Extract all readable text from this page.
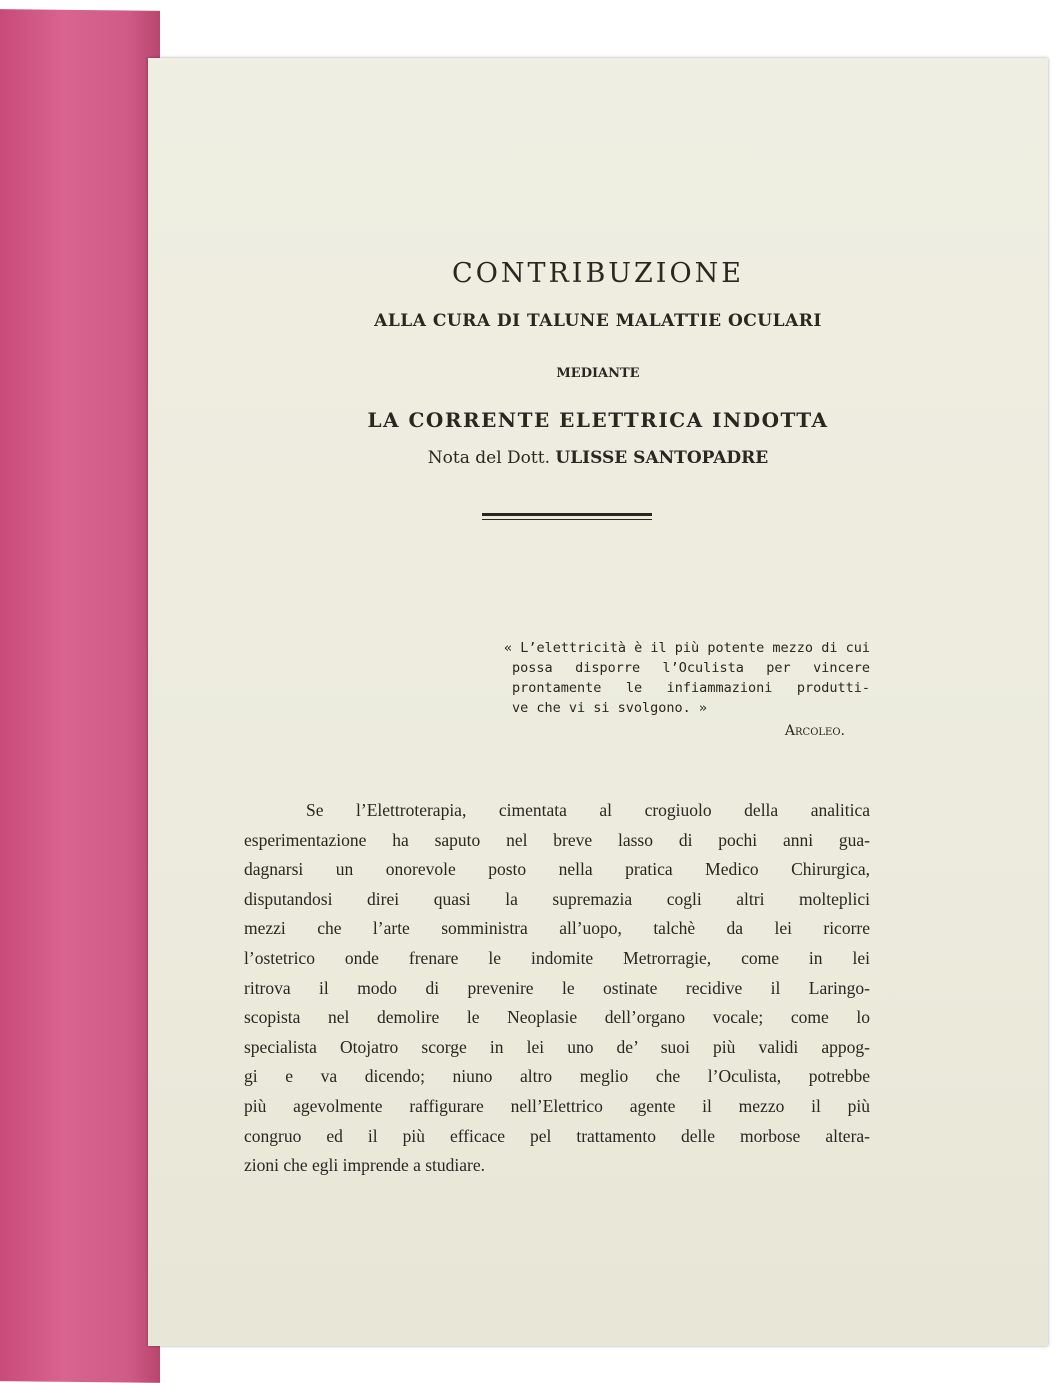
CONTRIBUZIONE
ALLA CURA DI TALUNE MALATTIE OCULARI
MEDIANTE
LA CORRENTE ELETTRICA INDOTTA
Nota del Dott. ULISSE SANTOPADRE
« L’elettricità è il più potente mezzo di cui
possa disporre l’Oculista per vincere
prontamente le infiammazioni produtti-
ve che vi si svolgono. »
Arcoleo.
Se l’Elettroterapia, cimentata al crogiuolo della analitica
esperimentazione ha saputo nel breve lasso di pochi anni gua-
dagnarsi un onorevole posto nella pratica Medico Chirurgica,
disputandosi direi quasi la supremazia cogli altri molteplici
mezzi che l’arte somministra all’uopo, talchè da lei ricorre
l’ostetrico onde frenare le indomite Metrorragie, come in lei
ritrova il modo di prevenire le ostinate recidive il Laringo-
scopista nel demolire le Neoplasie dell’organo vocale; come lo
specialista Otojatro scorge in lei uno de’ suoi più validi appog-
gi e va dicendo; niuno altro meglio che l’Oculista, potrebbe
più agevolmente raffigurare nell’Elettrico agente il mezzo il più
congruo ed il più efficace pel trattamento delle morbose altera-
zioni che egli imprende a studiare.
